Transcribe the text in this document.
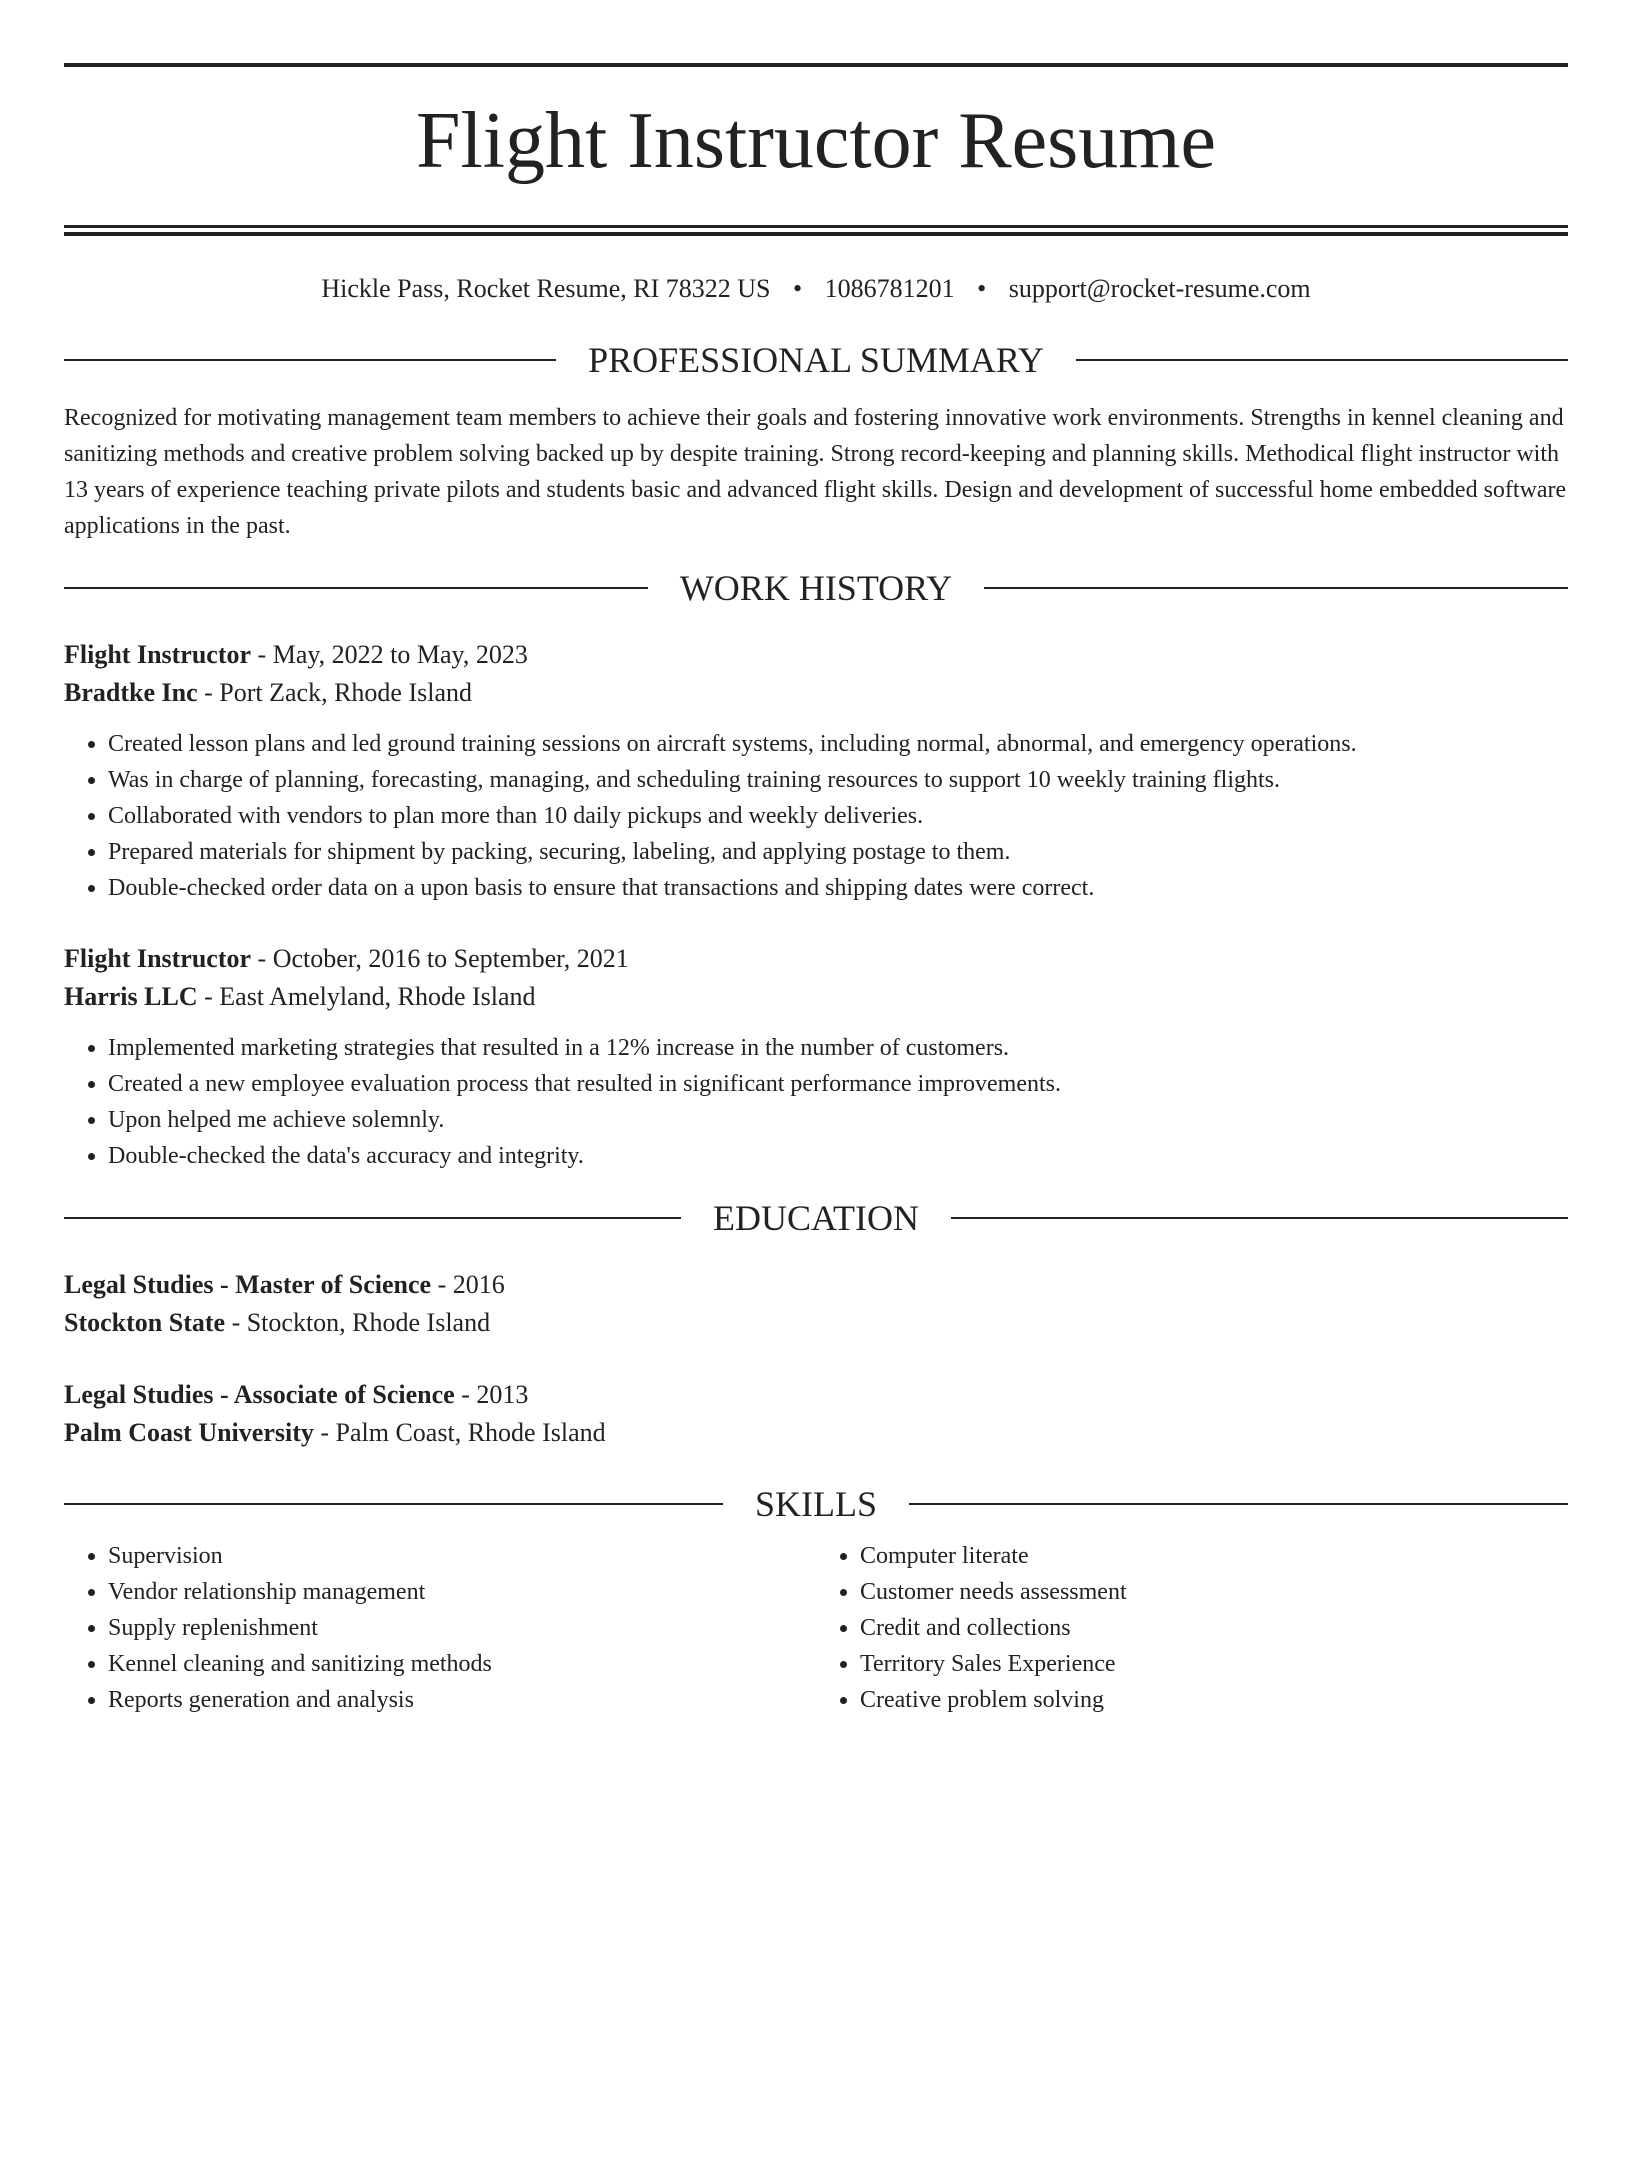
Flight Instructor Resume
Hickle Pass, Rocket Resume, RI 78322 US • 1086781201 • support@rocket-resume.com
PROFESSIONAL SUMMARY

Recognized for motivating management team members to achieve their goals and fostering innovative work environments. Strengths in kennel cleaning and sanitizing methods and creative problem solving backed up by despite training. Strong record-keeping and planning skills. Methodical flight instructor with 13 years of experience teaching private pilots and students basic and advanced flight skills. Design and development of successful home embedded software applications in the past.

WORK HISTORY

Flight Instructor - May, 2022 to May, 2023

Bradtke Inc - Port Zack, Rhode Island

• Created lesson plans and led ground training sessions on aircraft systems, including normal, abnormal, and emergency operations.
• Was in charge of planning, forecasting, managing, and scheduling training resources to support 10 weekly training flights.
• Collaborated with vendors to plan more than 10 daily pickups and weekly deliveries.
• Prepared materials for shipment by packing, securing, labeling, and applying postage to them.
• Double-checked order data on a upon basis to ensure that transactions and shipping dates were correct.

Flight Instructor - October, 2016 to September, 2021

Harris LLC - East Amelyland, Rhode Island

• Implemented marketing strategies that resulted in a 12% increase in the number of customers.
• Created a new employee evaluation process that resulted in significant performance improvements.
• Upon helped me achieve solemnly.
• Double-checked the data's accuracy and integrity.
EDUCATION

Legal Studies - Master of Science - 2016

Stockton State - Stockton, Rhode Island

Legal Studies - Associate of Science - 2013

Palm Coast University - Palm Coast, Rhode Island

SKILLS
• Supervision
• Vendor relationship management
• Supply replenishment
• Kennel cleaning and sanitizing methods
• Reports generation and analysis
• Computer literate
• Customer needs assessment
• Credit and collections
• Territory Sales Experience
• Creative problem solving
